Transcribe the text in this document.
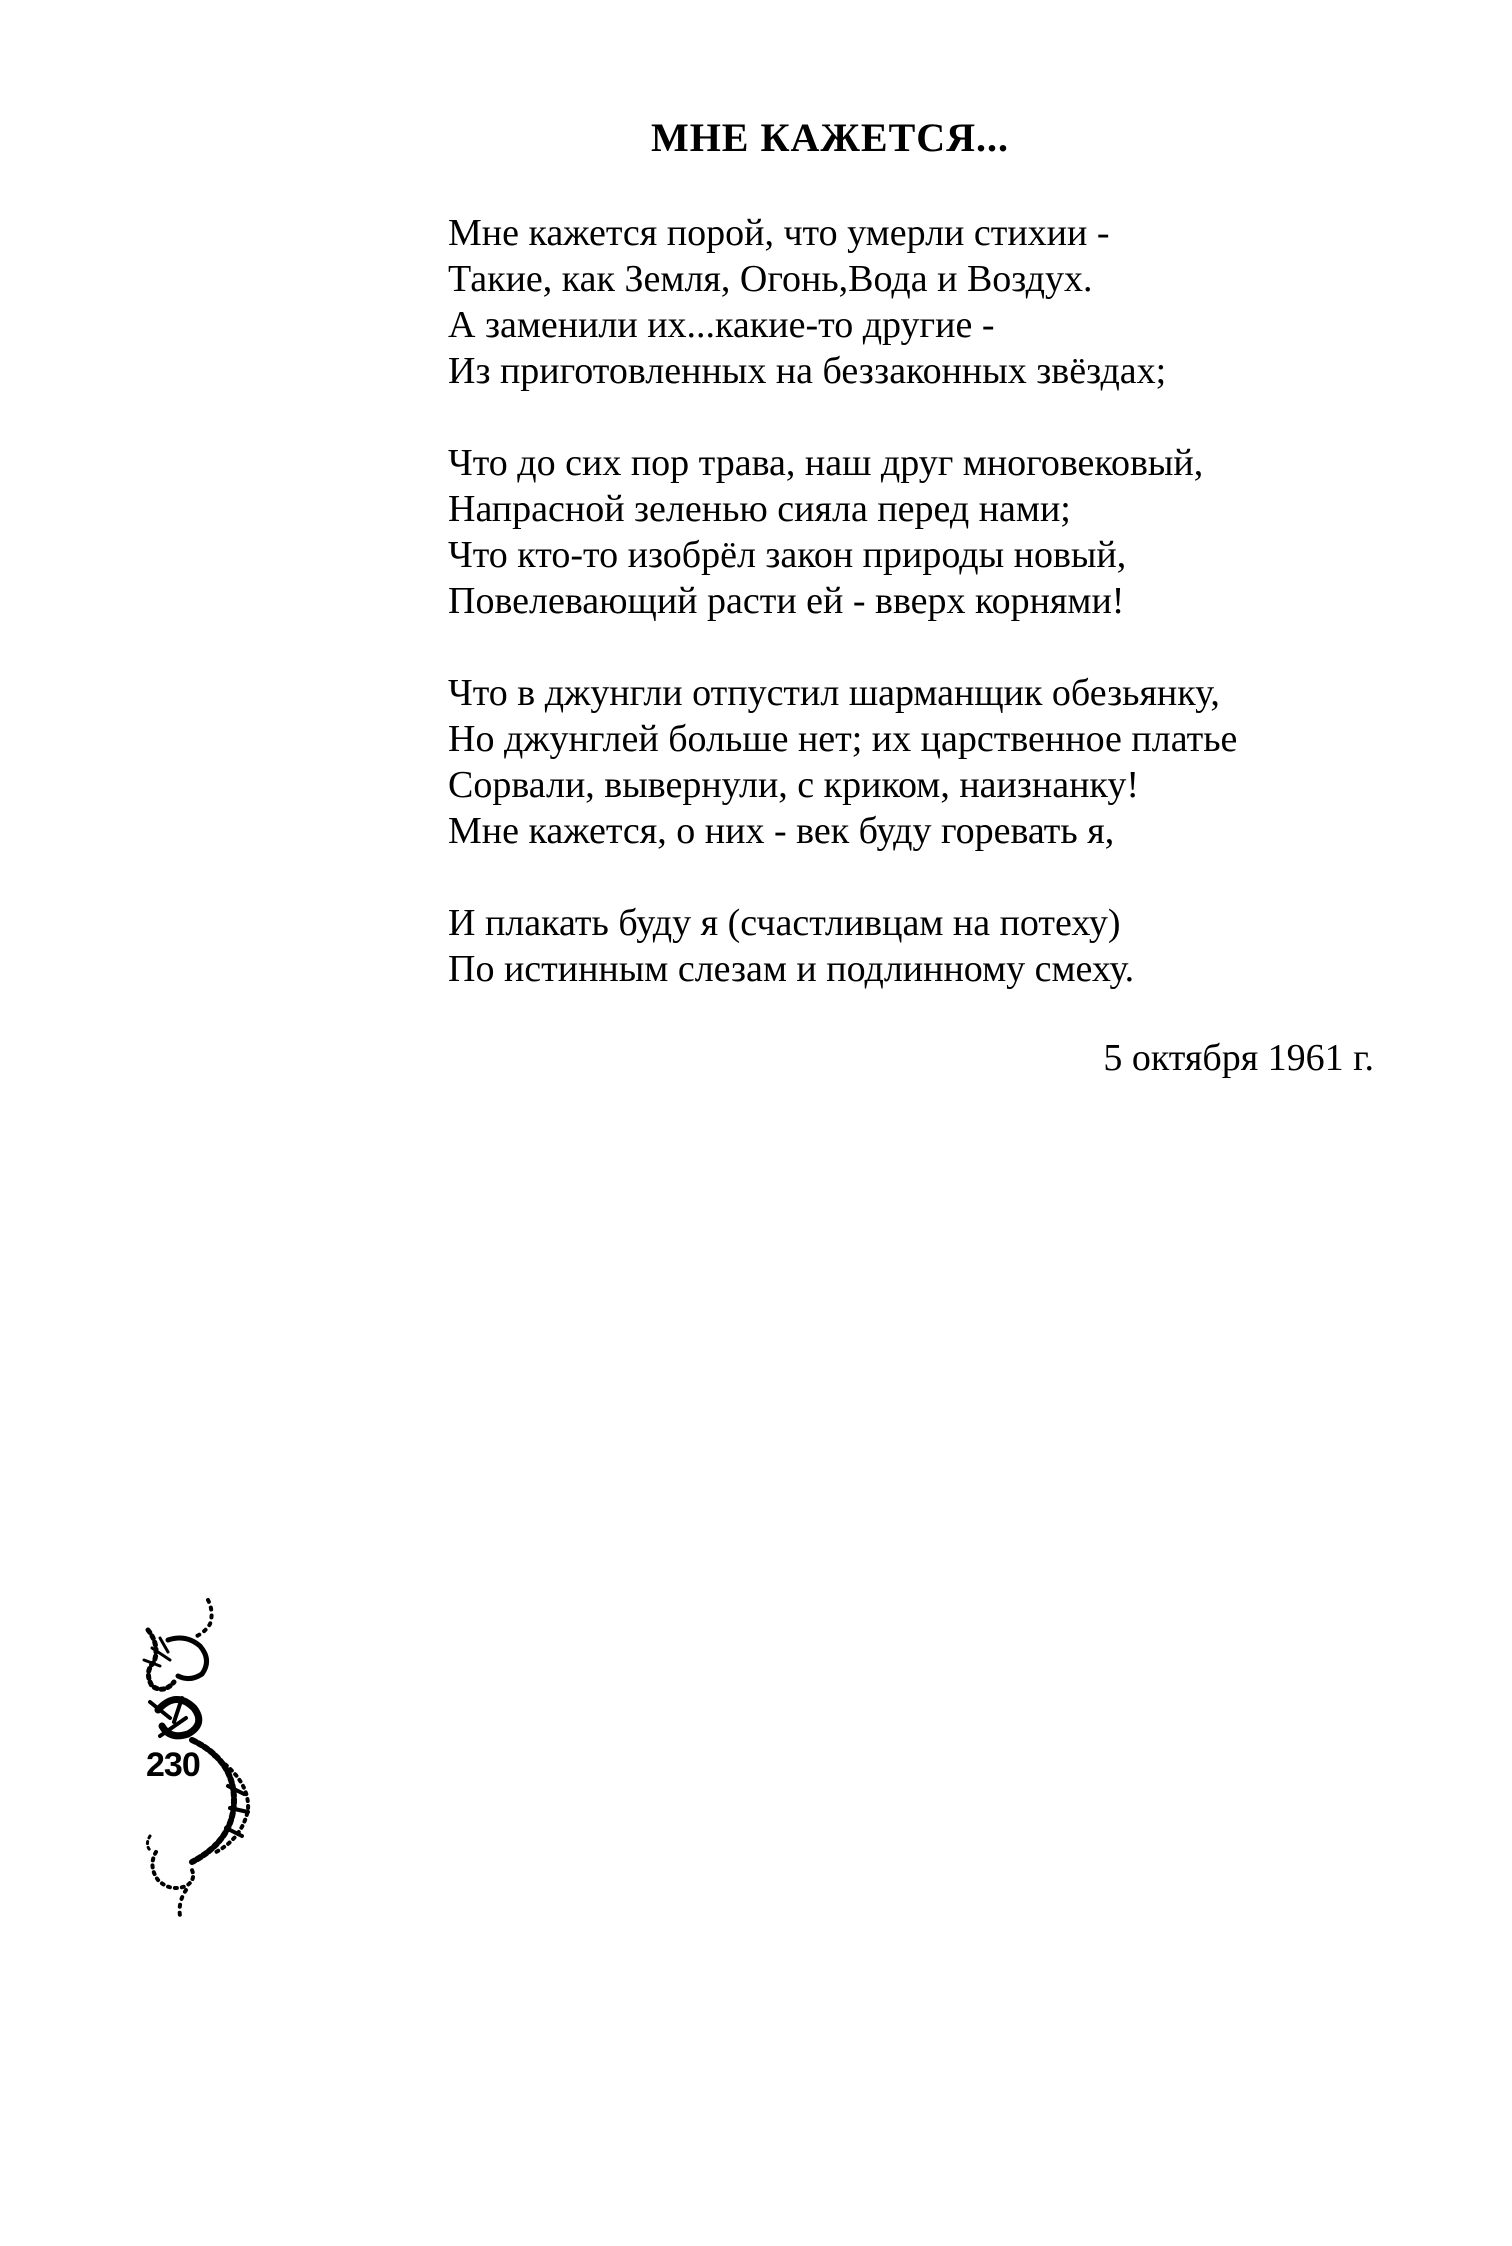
МНЕ КАЖЕТСЯ...
Мне кажется порой, что умерли стихии -
Такие, как Земля, Огонь,Вода и Воздух.
А заменили их...какие-то другие -
Из приготовленных на беззаконных звёздах;
Что до сих пор трава, наш друг многовековый,
Напрасной зеленью сияла перед нами;
Что кто-то изобрёл закон природы новый,
Повелевающий расти ей - вверх корнями!
Что в джунгли отпустил шарманщик обезьянку,
Но джунглей больше нет; их царственное платье
Сорвали, вывернули, с криком, наизнанку!
Мне кажется, о них - век буду горевать я,
И плакать буду я (счастливцам на потеху)
По истинным слезам и подлинному смеху.
5 октября 1961 г.
230
